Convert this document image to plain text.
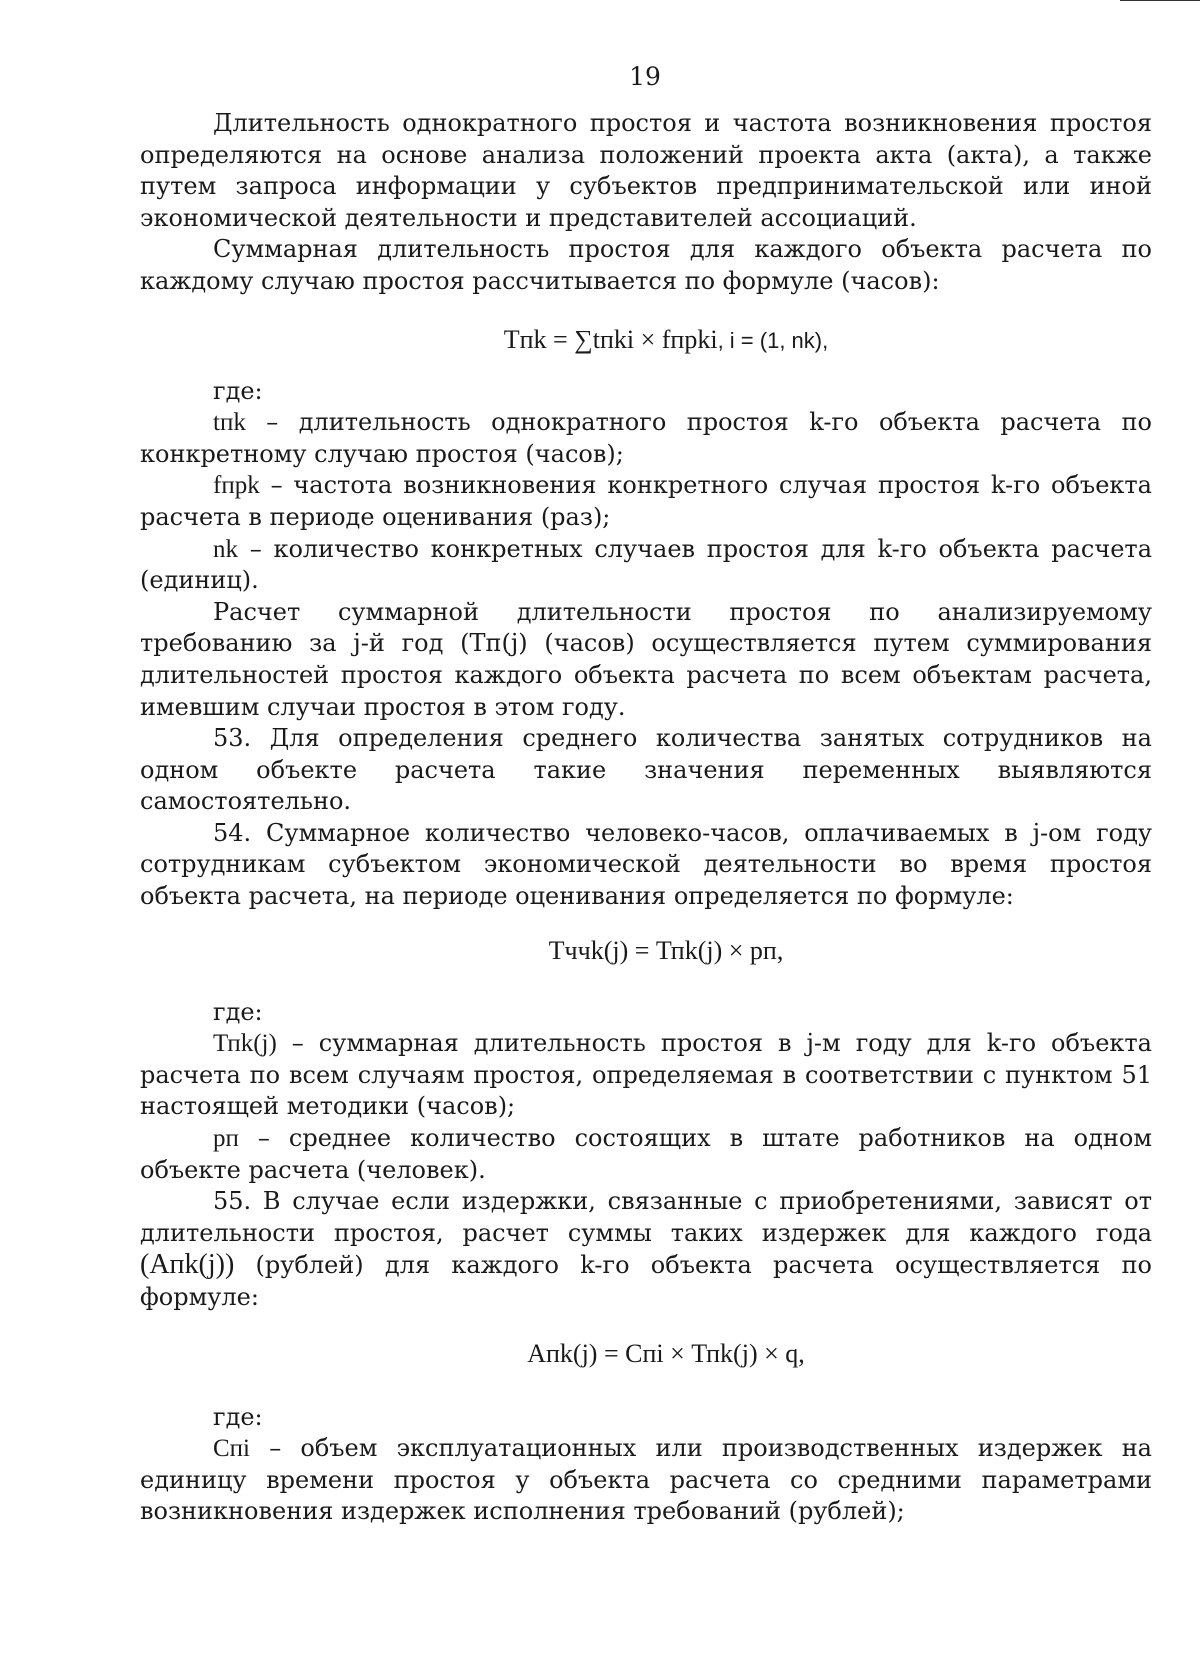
19

Длительность однократного простоя и частота возникновения простоя определяются на основе анализа положений проекта акта (акта), а также путем запроса информации у субъектов предпринимательской или иной экономической деятельности и представителей ассоциаций.

Суммарная длительность простоя для каждого объекта расчета по каждому случаю простоя рассчитывается по формуле (часов):

Tпk = ∑tпki × fпрki, i = (1, nk),

где:

tпk – длительность однократного простоя k-го объекта расчета по конкретному случаю простоя (часов);

fпрk – частота возникновения конкретного случая простоя k-го объекта расчета в периоде оценивания (раз);

nk – количество конкретных случаев простоя для k-го объекта расчета (единиц).

Расчет суммарной длительности простоя по анализируемому требованию за j-й год (Тп(j) (часов) осуществляется путем суммирования длительностей простоя каждого объекта расчета по всем объектам расчета, имевшим случаи простоя в этом году.

53. Для определения среднего количества занятых сотрудников на одном объекте расчета такие значения переменных выявляются самостоятельно.

54. Суммарное количество человеко-часов, оплачиваемых в j-ом году сотрудникам субъектом экономической деятельности во время простоя объекта расчета, на периоде оценивания определяется по формуле:

Тччk(j) = Тпk(j) × pп,

где:

Тпk(j) – суммарная длительность простоя в j-м году для k-го объекта расчета по всем случаям простоя, определяемая в соответствии с пунктом 51 настоящей методики (часов);

pп – среднее количество состоящих в штате работников на одном объекте расчета (человек).

55. В случае если издержки, связанные с приобретениями, зависят от длительности простоя, расчет суммы таких издержек для каждого года (Апk(j)) (рублей) для каждого k-го объекта расчета осуществляется по формуле:

Апk(j) = Спi × Тпk(j) × q,

где:

Спi – объем эксплуатационных или производственных издержек на единицу времени простоя у объекта расчета со средними параметрами возникновения издержек исполнения требований (рублей);
